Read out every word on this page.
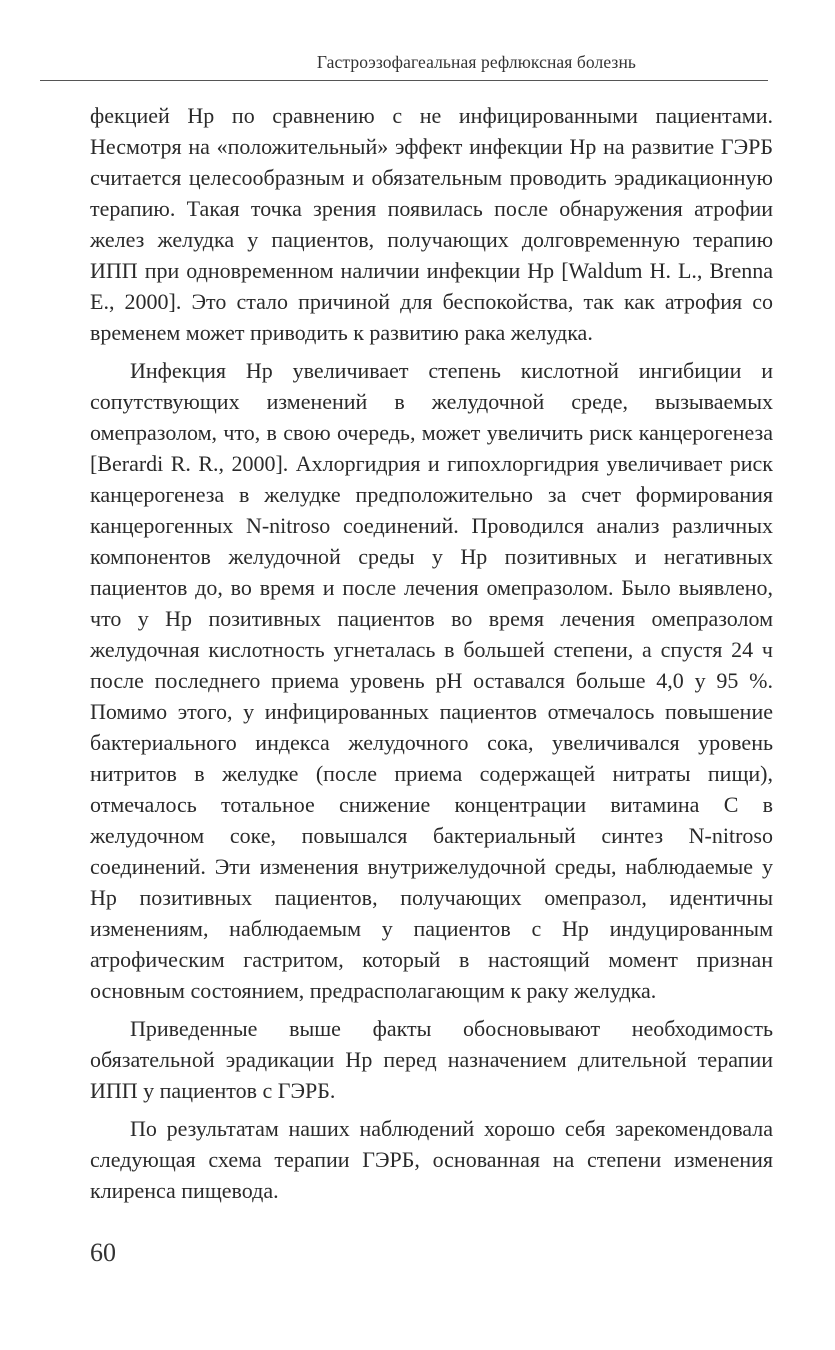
Гастроэзофагеальная рефлюксная болезнь

фекцией Нр по сравнению с не инфицированными пациентами. Несмотря на «положительный» эффект инфекции Нр на развитие ГЭРБ считается целесообразным и обязательным проводить эрадикационную терапию. Такая точка зрения появилась после обнаружения атрофии желез желудка у пациентов, получающих долговременную терапию ИПП при одновременном наличии инфекции Нр [Waldum H. L., Brenna E., 2000]. Это стало причиной для беспокойства, так как атрофия со временем может приводить к развитию рака желудка.

Инфекция Нр увеличивает степень кислотной ингибиции и сопутствующих изменений в желудочной среде, вызываемых омепразолом, что, в свою очередь, может увеличить риск канцерогенеза [Berardi R. R., 2000]. Ахлоргидрия и гипохлоргидрия увеличивает риск канцерогенеза в желудке предположительно за счет формирования канцерогенных N-nitroso соединений. Проводился анализ различных компонентов желудочной среды у Нр позитивных и негативных пациентов до, во время и после лечения омепразолом. Было выявлено, что у Нр позитивных пациентов во время лечения омепразолом желудочная кислотность угнеталась в большей степени, а спустя 24 ч после последнего приема уровень pH оставался больше 4,0 у 95 %. Помимо этого, у инфицированных пациентов отмечалось повышение бактериального индекса желудочного сока, увеличивался уровень нитритов в желудке (после приема содержащей нитраты пищи), отмечалось тотальное снижение концентрации витамина С в желудочном соке, повышался бактериальный синтез N-nitroso соединений. Эти изменения внутрижелудочной среды, наблюдаемые у Нр позитивных пациентов, получающих омепразол, идентичны изменениям, наблюдаемым у пациентов с Нр индуцированным атрофическим гастритом, который в настоящий момент признан основным состоянием, предрасполагающим к раку желудка.

Приведенные выше факты обосновывают необходимость обязательной эрадикации Нр перед назначением длительной терапии ИПП у пациентов с ГЭРБ.

По результатам наших наблюдений хорошо себя зарекомендовала следующая схема терапии ГЭРБ, основанная на степени изменения клиренса пищевода.

60
